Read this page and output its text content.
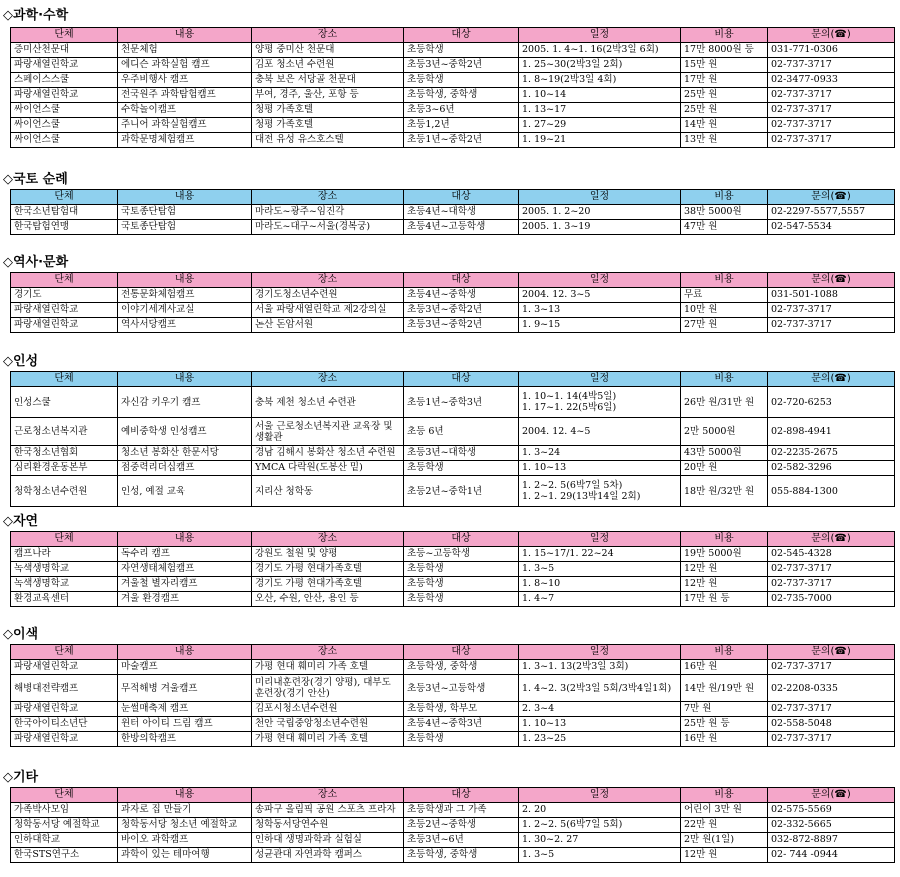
◇과학·수학
단체	내용	장소	대상	일정	비용	문의(☎)
증미산천문대	천문체험	양평 중미산 천문대	초등학생	2005. 1. 4~1. 16(2박3일 6회)	17만 8000원 등	031-771-0306
파랑새열린학교	에디슨 과학실험 캠프	김포 청소년 수련원	초등3년~중학2년	1. 25~30(2박3일 2회)	15만 원	02-737-3717
스페이스스쿨	우주비행사 캠프	충북 보은 서당골 천문대	초등학생	1. 8~19(2박3일 4회)	17만 원	02-3477-0933
파랑새열린학교	전국원주 과학탐험캠프	부여, 경주, 울산, 포항 등	초등학생, 중학생	1. 10~14	25만 원	02-737-3717
싸이언스쿨	수학놀이캠프	청평 가족호텔	초등3~6년	1. 13~17	25만 원	02-737-3717
싸이언스쿨	주니어 과학실험캠프	청평 가족호텔	초등1,2년	1. 27~29	14만 원	02-737-3717
싸이언스쿨	과학문명체험캠프	대전 유성 유스호스텔	초등1년~중학2년	1. 19~21	13만 원	02-737-3717
◇국토 순례
단체	내용	장소	대상	일정	비용	문의(☎)
한국소년탐험대	국토종단탐험	마라도~광주~임진각	초등4년~대학생	2005. 1. 2~20	38만 5000원	02-2297-5577,5557
한국탐험연맹	국토종단탐험	마라도~대구~서울(경복궁)	초등4년~고등학생	2005. 1. 3~19	47만 원	02-547-5534
◇역사·문화
단체	내용	장소	대상	일정	비용	문의(☎)
경기도	전통문화체험캠프	경기도청소년수련원	초등4년~중학생	2004. 12. 3~5	무료	031-501-1088
파랑새열린학교	이야기세계사교실	서울 파랑새열린학교 제2강의실	초등3년~중학2년	1. 3~13	10만 원	02-737-3717
파랑새열린학교	역사서당캠프	논산 돈암서원	초등3년~중학2년	1. 9~15	27만 원	02-737-3717
◇인성
단체	내용	장소	대상	일정	비용	문의(☎)
인성스쿨	자신감 키우기 캠프	충북 제천 청소년 수련관	초등1년~중학3년	1. 10~1. 14(4박5일)
1. 17~1. 22(5박6일)	26만 원/31만 원	02-720-6253
근로청소년복지관	예비중학생 인성캠프	서울 근로청소년복지관 교육장 및 생활관	초등 6년	2004. 12. 4~5	2만 5000원	02-898-4941
한국청소년협회	청소년 봉화산 한문서당	경남 김해시 봉화산 청소년 수련원	초등3년~대학생	1. 3~24	43만 5000원	02-2235-2675
심리환경운동본부	점중력리더십캠프	YMCA 다락원(도봉산 밑)	초등학생	1. 10~13	20만 원	02-582-3296
청학청소년수련원	인성, 예절 교육	지리산 청학동	초등2년~중학1년	1. 2~2. 5(6박7일 5차)
1. 2~1. 29(13박14일 2회)	18만 원/32만 원	055-884-1300
◇자연
단체	내용	장소	대상	일정	비용	문의(☎)
캠프나라	독수리 캠프	강원도 철원 및 양평	초등~고등학생	1. 15~17/1. 22~24	19만 5000원	02-545-4328
녹색생명학교	자연생태체험캠프	경기도 가평 현대가족호텔	초등학생	1. 3~5	12만 원	02-737-3717
녹색생명학교	겨울철 별자리캠프	경기도 가평 현대가족호텔	초등학생	1. 8~10	12만 원	02-737-3717
환경교육센터	겨울 환경캠프	오산, 수원, 안산, 용인 등	초등학생	1. 4~7	17만 원 등	02-735-7000
◇이색
단체	내용	장소	대상	일정	비용	문의(☎)
파랑새열린학교	마술캠프	가평 현대 훼미리 가족 호텔	초등학생, 중학생	1. 3~1. 13(2박3일 3회)	16만 원	02-737-3717
해병대전략캠프	무적해병 겨울캠프	미리내훈련장(경기 양평), 대부도 훈련장(경기 안산)	초등3년~고등학생	1. 4~2. 3(2박3일 5회/3박4일1회)	14만 원/19만 원	02-2208-0335
파랑새열린학교	눈썰매축제 캠프	김포시청소년수련원	초등학생, 학부모	2. 3~4	7만 원	02-737-3717
한국아이티소년단	윈터 아이티 드림 캠프	천안 국립중앙청소년수련원	초등4년~중학3년	1. 10~13	25만 원 등	02-558-5048
파랑새열린학교	한방의학캠프	가평 현대 훼미리 가족 호텔	초등학생	1. 23~25	16만 원	02-737-3717
◇기타
단체	내용	장소	대상	일정	비용	문의(☎)
가족박사모임	과자로 집 만들기	송파구 올림픽 공원 스포츠 프라자	초등학생과 그 가족	2. 20	어린이 3만 원	02-575-5569
청학동서당 예절학교	청학동서당 청소년 예절학교	청학동서당연수원	초등2년~중학생	1. 2~2. 5(6박7일 5회)	22만 원	02-332-5665
인하대학교	바이오 과학캠프	인하대 생명과학과 실험실	초등3년~6년	1. 30~2. 27	2만 원(1일)	032-872-8897
한국STS연구소	과학이 있는 테마여행	성균관대 자연과학 캠퍼스	초등학생, 중학생	1. 3~5	12만 원	02- 744 -0944
